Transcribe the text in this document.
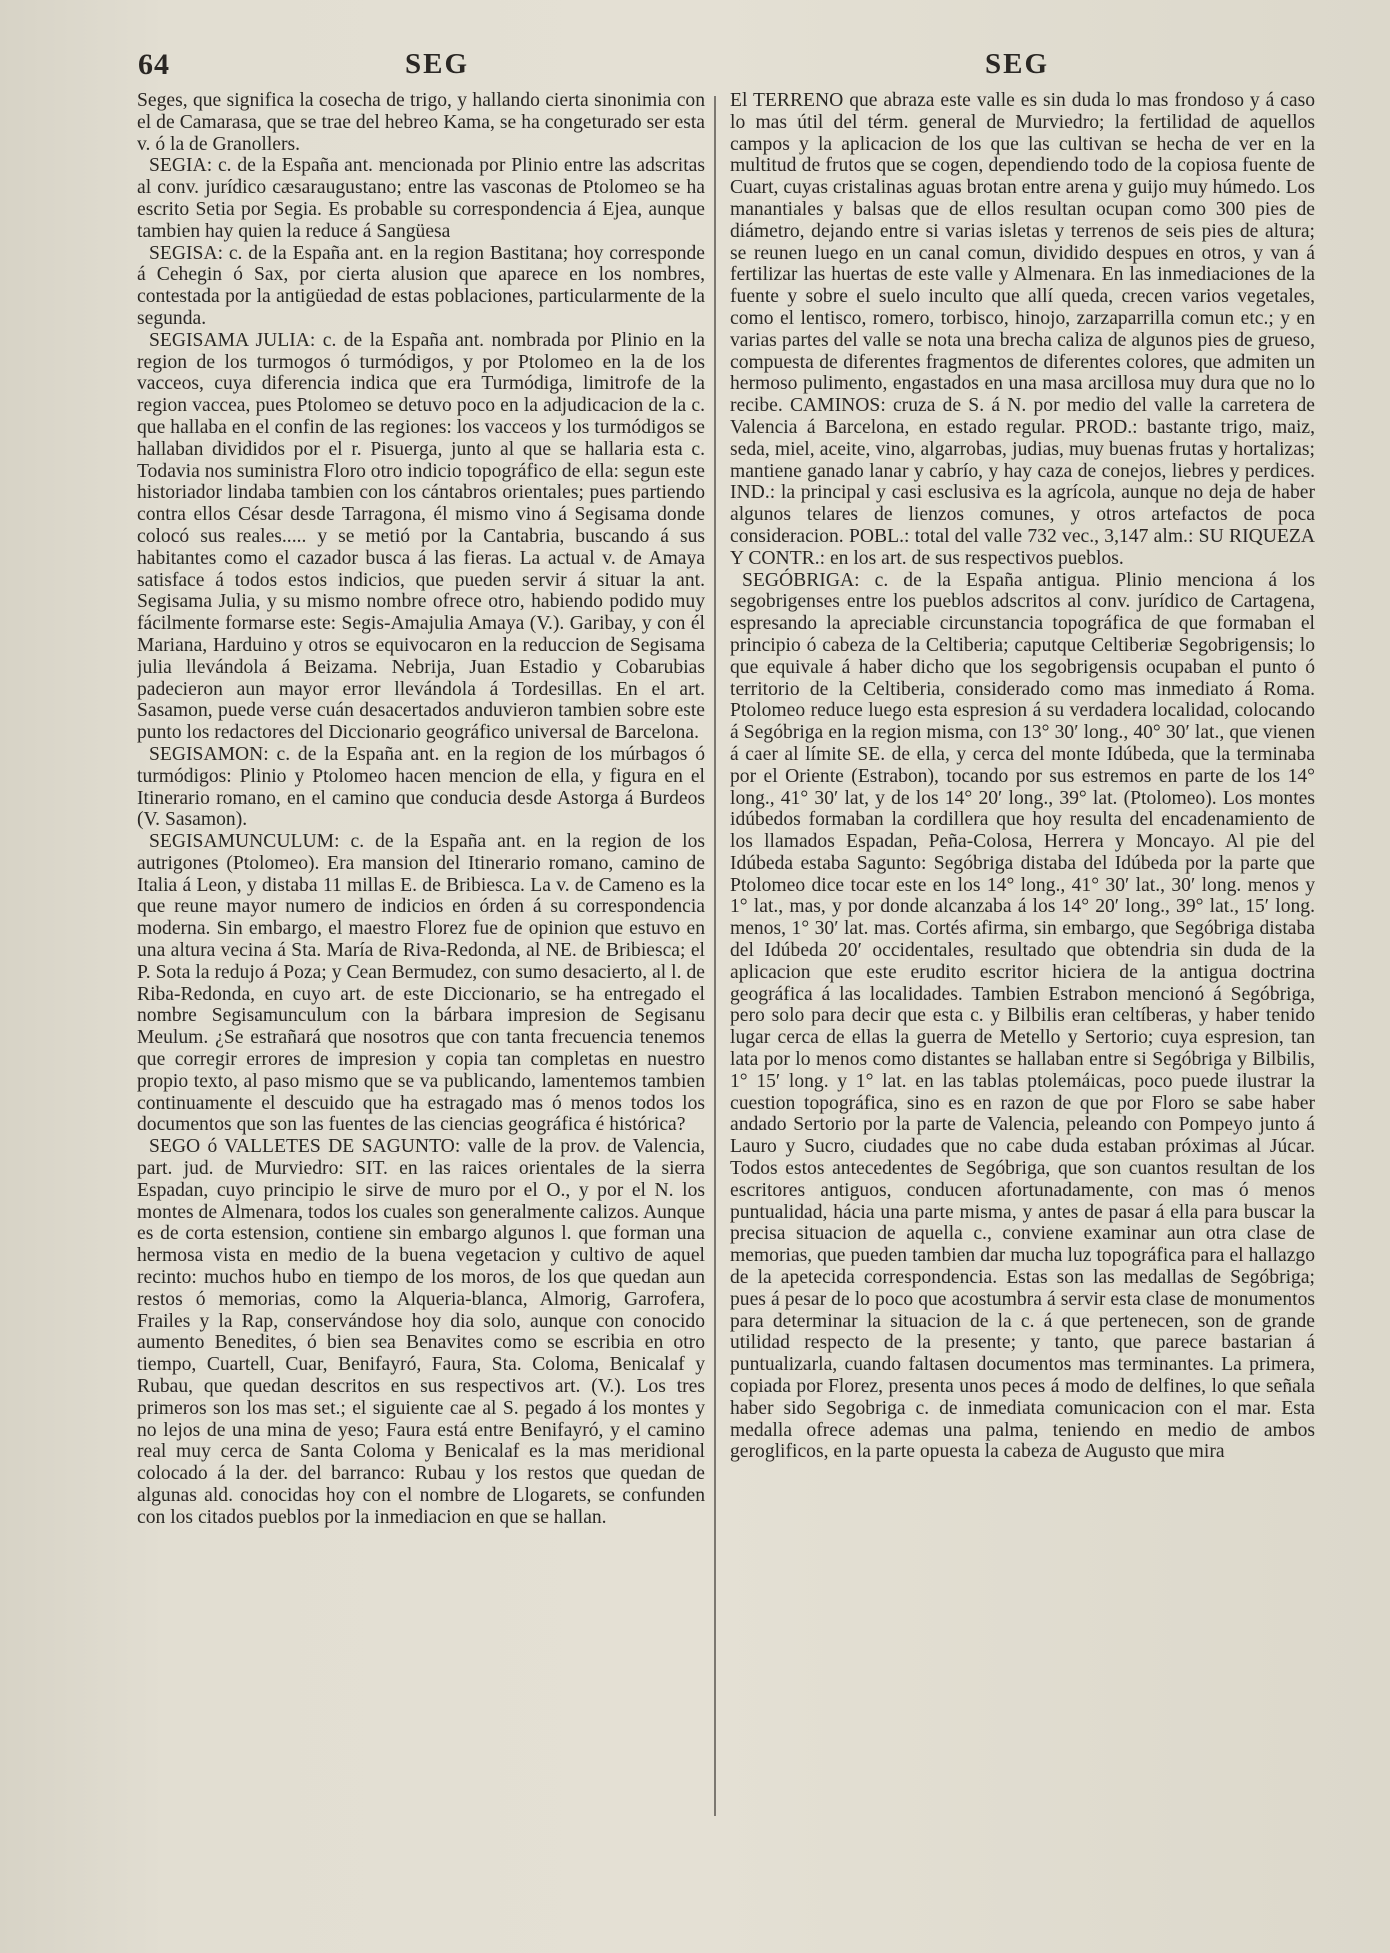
64	SEG	SEG

Seges, que significa la cosecha de trigo, y hallando cierta sinonimia con el de Camarasa, que se trae del hebreo Kama, se ha congeturado ser esta v. ó la de Granollers.

SEGIA: c. de la España ant. mencionada por Plinio entre las adscritas al conv. jurídico cæsaraugustano; entre las vasconas de Ptolomeo se ha escrito Setia por Segia. Es probable su correspondencia á Ejea, aunque tambien hay quien la reduce á Sangüesa

SEGISA: c. de la España ant. en la region Bastitana; hoy corresponde á Cehegin ó Sax, por cierta alusion que aparece en los nombres, contestada por la antigüedad de estas poblaciones, particularmente de la segunda.

SEGISAMA JULIA: c. de la España ant. nombrada por Plinio en la region de los turmogos ó turmódigos, y por Ptolomeo en la de los vacceos, cuya diferencia indica que era Turmódiga, limitrofe de la region vaccea, pues Ptolomeo se detuvo poco en la adjudicacion de la c. que hallaba en el confin de las regiones: los vacceos y los turmódigos se hallaban divididos por el r. Pisuerga, junto al que se hallaria esta c. Todavia nos suministra Floro otro indicio topográfico de ella: segun este historiador lindaba tambien con los cántabros orientales; pues partiendo contra ellos César desde Tarragona, él mismo vino á Segisama donde colocó sus reales..... y se metió por la Cantabria, buscando á sus habitantes como el cazador busca á las fieras. La actual v. de Amaya satisface á todos estos indicios, que pueden servir á situar la ant. Segisama Julia, y su mismo nombre ofrece otro, habiendo podido muy fácilmente formarse este: Segis-Amajulia Amaya (V.). Garibay, y con él Mariana, Harduino y otros se equivocaron en la reduccion de Segisama julia llevándola á Beizama. Nebrija, Juan Estadio y Cobarubias padecieron aun mayor error llevándola á Tordesillas. En el art. Sasamon, puede verse cuán desacertados anduvieron tambien sobre este punto los redactores del Diccionario geográfico universal de Barcelona.

SEGISAMON: c. de la España ant. en la region de los múrbagos ó turmódigos: Plinio y Ptolomeo hacen mencion de ella, y figura en el Itinerario romano, en el camino que conducia desde Astorga á Burdeos (V. Sasamon).

SEGISAMUNCULUM: c. de la España ant. en la region de los autrigones (Ptolomeo). Era mansion del Itinerario romano, camino de Italia á Leon, y distaba 11 millas E. de Bribiesca. La v. de Cameno es la que reune mayor numero de indicios en órden á su correspondencia moderna. Sin embargo, el maestro Florez fue de opinion que estuvo en una altura vecina á Sta. María de Riva-Redonda, al NE. de Bribiesca; el P. Sota la redujo á Poza; y Cean Bermudez, con sumo desacierto, al l. de Riba-Redonda, en cuyo art. de este Diccionario, se ha entregado el nombre Segisamunculum con la bárbara impresion de Segisanu Meulum. ¿Se estrañará que nosotros que con tanta frecuencia tenemos que corregir errores de impresion y copia tan completas en nuestro propio texto, al paso mismo que se va publicando, lamentemos tambien continuamente el descuido que ha estragado mas ó menos todos los documentos que son las fuentes de las ciencias geográfica é histórica?

SEGO ó VALLETES DE SAGUNTO: valle de la prov. de Valencia, part. jud. de Murviedro: SIT. en las raices orientales de la sierra Espadan, cuyo principio le sirve de muro por el O., y por el N. los montes de Almenara, todos los cuales son generalmente calizos. Aunque es de corta estension, contiene sin embargo algunos l. que forman una hermosa vista en medio de la buena vegetacion y cultivo de aquel recinto: muchos hubo en tiempo de los moros, de los que quedan aun restos ó memorias, como la Alqueria-blanca, Almorig, Garrofera, Frailes y la Rap, conservándose hoy dia solo, aunque con conocido aumento Benedites, ó bien sea Benavites como se escribia en otro tiempo, Cuartell, Cuar, Benifayró, Faura, Sta. Coloma, Benicalaf y Rubau, que quedan descritos en sus respectivos art. (V.). Los tres primeros son los mas set.; el siguiente cae al S. pegado á los montes y no lejos de una mina de yeso; Faura está entre Benifayró, y el camino real muy cerca de Santa Coloma y Benicalaf es la mas meridional colocado á la der. del barranco: Rubau y los restos que quedan de algunas ald. conocidas hoy con el nombre de Llogarets, se confunden con los citados pueblos por la inmediacion en que se hallan.

El TERRENO que abraza este valle es sin duda lo mas frondoso y á caso lo mas útil del térm. general de Murviedro; la fertilidad de aquellos campos y la aplicacion de los que las cultivan se hecha de ver en la multitud de frutos que se cogen, dependiendo todo de la copiosa fuente de Cuart, cuyas cristalinas aguas brotan entre arena y guijo muy húmedo. Los manantiales y balsas que de ellos resultan ocupan como 300 pies de diámetro, dejando entre si varias isletas y terrenos de seis pies de altura; se reunen luego en un canal comun, dividido despues en otros, y van á fertilizar las huertas de este valle y Almenara. En las inmediaciones de la fuente y sobre el suelo inculto que allí queda, crecen varios vegetales, como el lentisco, romero, torbisco, hinojo, zarzaparrilla comun etc.; y en varias partes del valle se nota una brecha caliza de algunos pies de grueso, compuesta de diferentes fragmentos de diferentes colores, que admiten un hermoso pulimento, engastados en una masa arcillosa muy dura que no lo recibe. CAMINOS: cruza de S. á N. por medio del valle la carretera de Valencia á Barcelona, en estado regular. PROD.: bastante trigo, maiz, seda, miel, aceite, vino, algarrobas, judias, muy buenas frutas y hortalizas; mantiene ganado lanar y cabrío, y hay caza de conejos, liebres y perdices. IND.: la principal y casi esclusiva es la agrícola, aunque no deja de haber algunos telares de lienzos comunes, y otros artefactos de poca consideracion. POBL.: total del valle 732 vec., 3,147 alm.: SU RIQUEZA Y CONTR.: en los art. de sus respectivos pueblos.

SEGÓBRIGA: c. de la España antigua. Plinio menciona á los segobrigenses entre los pueblos adscritos al conv. jurídico de Cartagena, espresando la apreciable circunstancia topográfica de que formaban el principio ó cabeza de la Celtiberia; caputque Celtiberiæ Segobrigensis; lo que equivale á haber dicho que los segobrigensis ocupaban el punto ó territorio de la Celtiberia, considerado como mas inmediato á Roma. Ptolomeo reduce luego esta espresion á su verdadera localidad, colocando á Segóbriga en la region misma, con 13° 30′ long., 40° 30′ lat., que vienen á caer al límite SE. de ella, y cerca del monte Idúbeda, que la terminaba por el Oriente (Estrabon), tocando por sus estremos en parte de los 14° long., 41° 30′ lat, y de los 14° 20′ long., 39° lat. (Ptolomeo). Los montes idúbedos formaban la cordillera que hoy resulta del encadenamiento de los llamados Espadan, Peña-Colosa, Herrera y Moncayo. Al pie del Idúbeda estaba Sagunto: Segóbriga distaba del Idúbeda por la parte que Ptolomeo dice tocar este en los 14° long., 41° 30′ lat., 30′ long. menos y 1° lat., mas, y por donde alcanzaba á los 14° 20′ long., 39° lat., 15′ long. menos, 1° 30′ lat. mas. Cortés afirma, sin embargo, que Segóbriga distaba del Idúbeda 20′ occidentales, resultado que obtendria sin duda de la aplicacion que este erudito escritor hiciera de la antigua doctrina geográfica á las localidades. Tambien Estrabon mencionó á Segóbriga, pero solo para decir que esta c. y Bilbilis eran celtíberas, y haber tenido lugar cerca de ellas la guerra de Metello y Sertorio; cuya espresion, tan lata por lo menos como distantes se hallaban entre si Segóbriga y Bilbilis, 1° 15′ long. y 1° lat. en las tablas ptolemáicas, poco puede ilustrar la cuestion topográfica, sino es en razon de que por Floro se sabe haber andado Sertorio por la parte de Valencia, peleando con Pompeyo junto á Lauro y Sucro, ciudades que no cabe duda estaban próximas al Júcar. Todos estos antecedentes de Segóbriga, que son cuantos resultan de los escritores antiguos, conducen afortunadamente, con mas ó menos puntualidad, hácia una parte misma, y antes de pasar á ella para buscar la precisa situacion de aquella c., conviene examinar aun otra clase de memorias, que pueden tambien dar mucha luz topográfica para el hallazgo de la apetecida correspondencia. Estas son las medallas de Segóbriga; pues á pesar de lo poco que acostumbra á servir esta clase de monumentos para determinar la situacion de la c. á que pertenecen, son de grande utilidad respecto de la presente; y tanto, que parece bastarian á puntualizarla, cuando faltasen documentos mas terminantes. La primera, copiada por Florez, presenta unos peces á modo de delfines, lo que señala haber sido Segobriga c. de inmediata comunicacion con el mar. Esta medalla ofrece ademas una palma, teniendo en medio de ambos geroglificos, en la parte opuesta la cabeza de Augusto que mira
